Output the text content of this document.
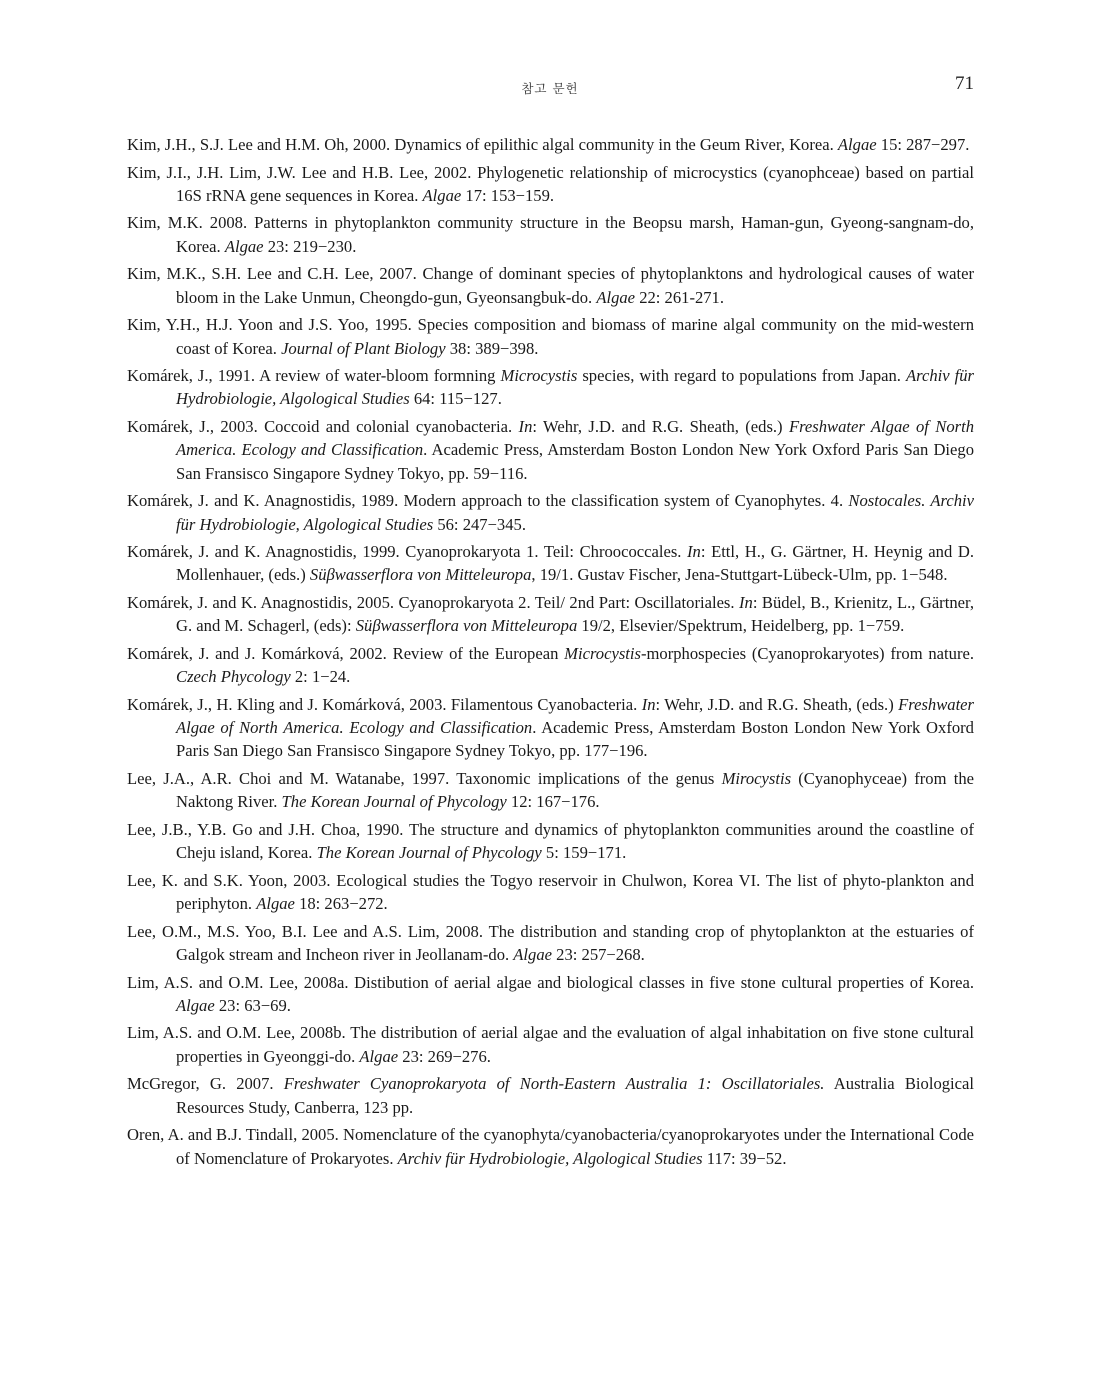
참고 문헌	71
Kim, J.H., S.J. Lee and H.M. Oh, 2000. Dynamics of epilithic algal community in the Geum River, Korea. Algae 15: 287−297.
Kim, J.I., J.H. Lim, J.W. Lee and H.B. Lee, 2002. Phylogenetic relationship of microcystics (cyanophceae) based on partial 16S rRNA gene sequences in Korea. Algae 17: 153−159.
Kim, M.K. 2008. Patterns in phytoplankton community structure in the Beopsu marsh, Haman-gun, Gyeong-sangnam-do, Korea. Algae 23: 219−230.
Kim, M.K., S.H. Lee and C.H. Lee, 2007. Change of dominant species of phytoplanktons and hydrological causes of water bloom in the Lake Unmun, Cheongdo-gun, Gyeonsangbuk-do. Algae 22: 261-271.
Kim, Y.H., H.J. Yoon and J.S. Yoo, 1995. Species composition and biomass of marine algal community on the mid-western coast of Korea. Journal of Plant Biology 38: 389−398.
Komárek, J., 1991. A review of water-bloom formning Microcystis species, with regard to populations from Japan. Archiv für Hydrobiologie, Algological Studies 64: 115−127.
Komárek, J., 2003. Coccoid and colonial cyanobacteria. In: Wehr, J.D. and R.G. Sheath, (eds.) Freshwater Algae of North America. Ecology and Classification. Academic Press, Amsterdam Boston London New York Oxford Paris San Diego San Fransisco Singapore Sydney Tokyo, pp. 59−116.
Komárek, J. and K. Anagnostidis, 1989. Modern approach to the classification system of Cyanophytes. 4. Nostocales. Archiv für Hydrobiologie, Algological Studies 56: 247−345.
Komárek, J. and K. Anagnostidis, 1999. Cyanoprokaryota 1. Teil: Chroococcales. In: Ettl, H., G. Gärtner, H. Heynig and D. Mollenhauer, (eds.) Süβwasserflora von Mitteleuropa, 19/1. Gustav Fischer, Jena-Stuttgart-Lübeck-Ulm, pp. 1−548.
Komárek, J. and K. Anagnostidis, 2005. Cyanoprokaryota 2. Teil/ 2nd Part: Oscillatoriales. In: Büdel, B., Krienitz, L., Gärtner, G. and M. Schagerl, (eds): Süβwasserflora von Mitteleuropa 19/2, Elsevier/Spektrum, Heidelberg, pp. 1−759.
Komárek, J. and J. Komárková, 2002. Review of the European Microcystis-morphospecies (Cyanoprokaryotes) from nature. Czech Phycology 2: 1−24.
Komárek, J., H. Kling and J. Komárková, 2003. Filamentous Cyanobacteria. In: Wehr, J.D. and R.G. Sheath, (eds.) Freshwater Algae of North America. Ecology and Classification. Academic Press, Amsterdam Boston London New York Oxford Paris San Diego San Fransisco Singapore Sydney Tokyo, pp. 177−196.
Lee, J.A., A.R. Choi and M. Watanabe, 1997. Taxonomic implications of the genus Mirocystis (Cyanophyceae) from the Naktong River. The Korean Journal of Phycology 12: 167−176.
Lee, J.B., Y.B. Go and J.H. Choa, 1990. The structure and dynamics of phytoplankton communities around the coastline of Cheju island, Korea. The Korean Journal of Phycology 5: 159−171.
Lee, K. and S.K. Yoon, 2003. Ecological studies the Togyo reservoir in Chulwon, Korea VI. The list of phyto-plankton and periphyton. Algae 18: 263−272.
Lee, O.M., M.S. Yoo, B.I. Lee and A.S. Lim, 2008. The distribution and standing crop of phytoplankton at the estuaries of Galgok stream and Incheon river in Jeollanam-do. Algae 23: 257−268.
Lim, A.S. and O.M. Lee, 2008a. Distibution of aerial algae and biological classes in five stone cultural properties of Korea. Algae 23: 63−69.
Lim, A.S. and O.M. Lee, 2008b. The distribution of aerial algae and the evaluation of algal inhabitation on five stone cultural properties in Gyeonggi-do. Algae 23: 269−276.
McGregor, G. 2007. Freshwater Cyanoprokaryota of North-Eastern Australia 1: Oscillatoriales. Australia Biological Resources Study, Canberra, 123 pp.
Oren, A. and B.J. Tindall, 2005. Nomenclature of the cyanophyta/cyanobacteria/cyanoprokaryotes under the International Code of Nomenclature of Prokaryotes. Archiv für Hydrobiologie, Algological Studies 117: 39−52.
